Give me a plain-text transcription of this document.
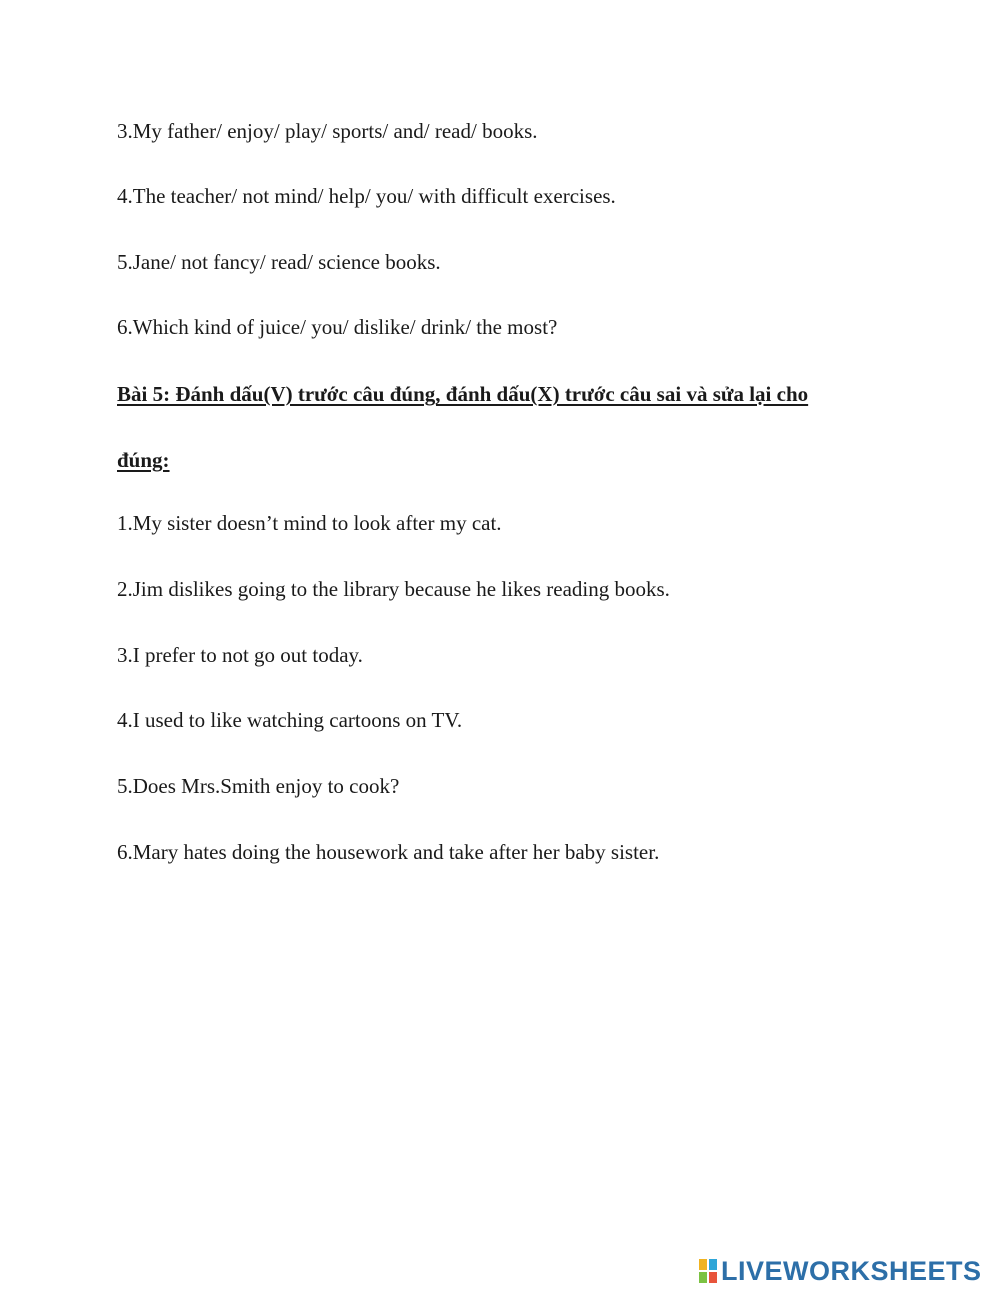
3.My father/ enjoy/ play/ sports/ and/ read/ books.
4.The teacher/ not mind/ help/ you/ with difficult exercises.
5.Jane/ not fancy/ read/ science books.
6.Which kind of juice/ you/ dislike/ drink/ the most?
Bài 5: Đánh dấu(V) trước câu đúng, đánh dấu(X) trước câu sai và sửa lại cho
đúng:
1.My sister doesn’t mind to look after my cat.
2.Jim dislikes going to the library because he likes reading books.
3.I prefer to not go out today.
4.I used to like watching cartoons on TV.
5.Does Mrs.Smith enjoy to cook?
6.Mary hates doing the housework and take after her baby sister.
LIVEWORKSHEETS
